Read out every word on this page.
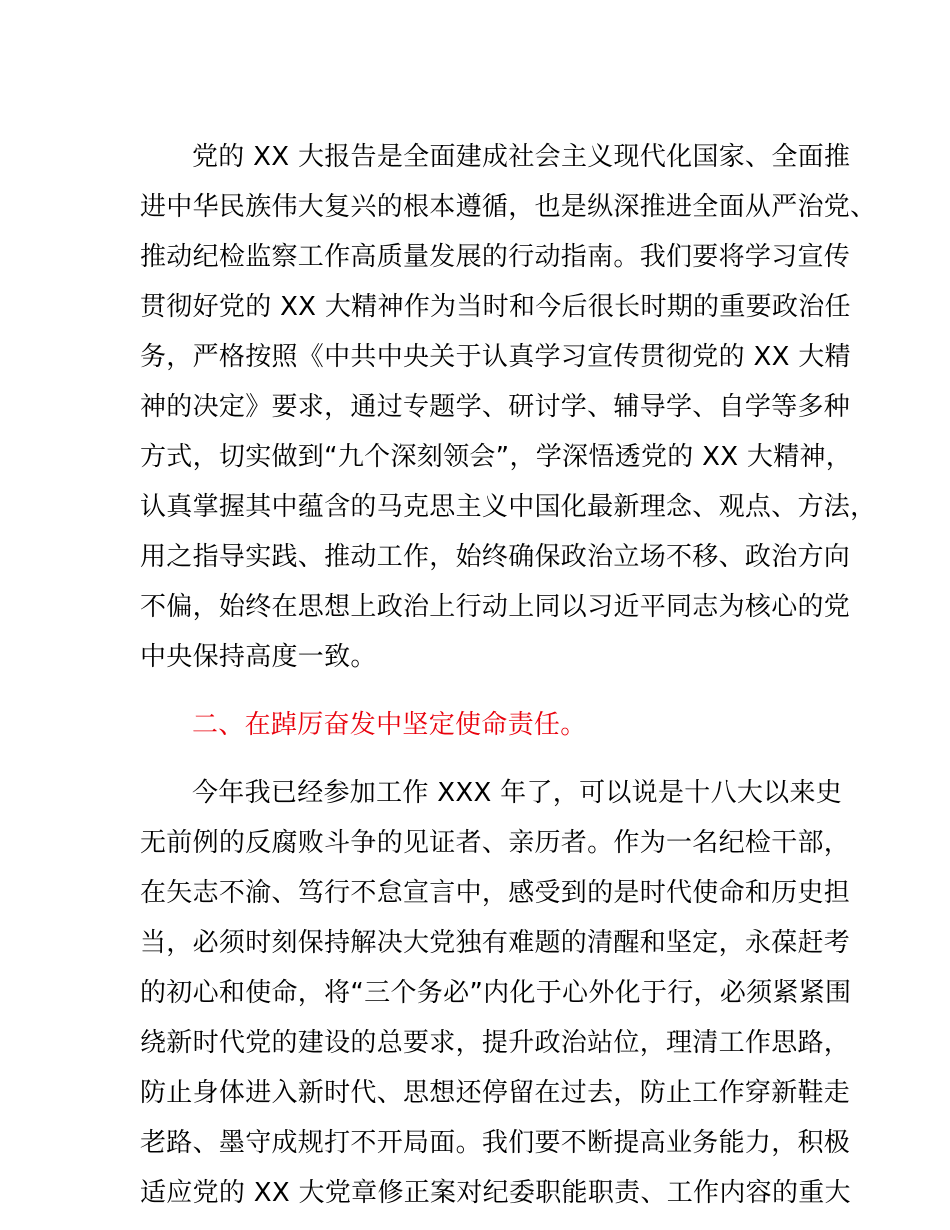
党的 XX 大报告是全面建成社会主义现代化国家、全面推
进中华民族伟大复兴的根本遵循，也是纵深推进全面从严治党、
推动纪检监察工作高质量发展的行动指南。我们要将学习宣传
贯彻好党的 XX 大精神作为当时和今后很长时期的重要政治任
务，严格按照《中共中央关于认真学习宣传贯彻党的 XX 大精
神的决定》要求，通过专题学、研讨学、辅导学、自学等多种
方式，切实做到“九个深刻领会”，学深悟透党的 XX 大精神，
认真掌握其中蕴含的马克思主义中国化最新理念、观点、方法，
用之指导实践、推动工作，始终确保政治立场不移、政治方向
不偏，始终在思想上政治上行动上同以习近平同志为核心的党
中央保持高度一致。
二、在踔厉奋发中坚定使命责任。
今年我已经参加工作 XXX 年了，可以说是十八大以来史
无前例的反腐败斗争的见证者、亲历者。作为一名纪检干部，
在矢志不渝、笃行不怠宣言中，感受到的是时代使命和历史担
当，必须时刻保持解决大党独有难题的清醒和坚定，永葆赶考
的初心和使命，将“三个务必”内化于心外化于行，必须紧紧围
绕新时代党的建设的总要求，提升政治站位，理清工作思路，
防止身体进入新时代、思想还停留在过去，防止工作穿新鞋走
老路、墨守成规打不开局面。我们要不断提高业务能力，积极
适应党的 XX 大党章修正案对纪委职能职责、工作内容的重大
